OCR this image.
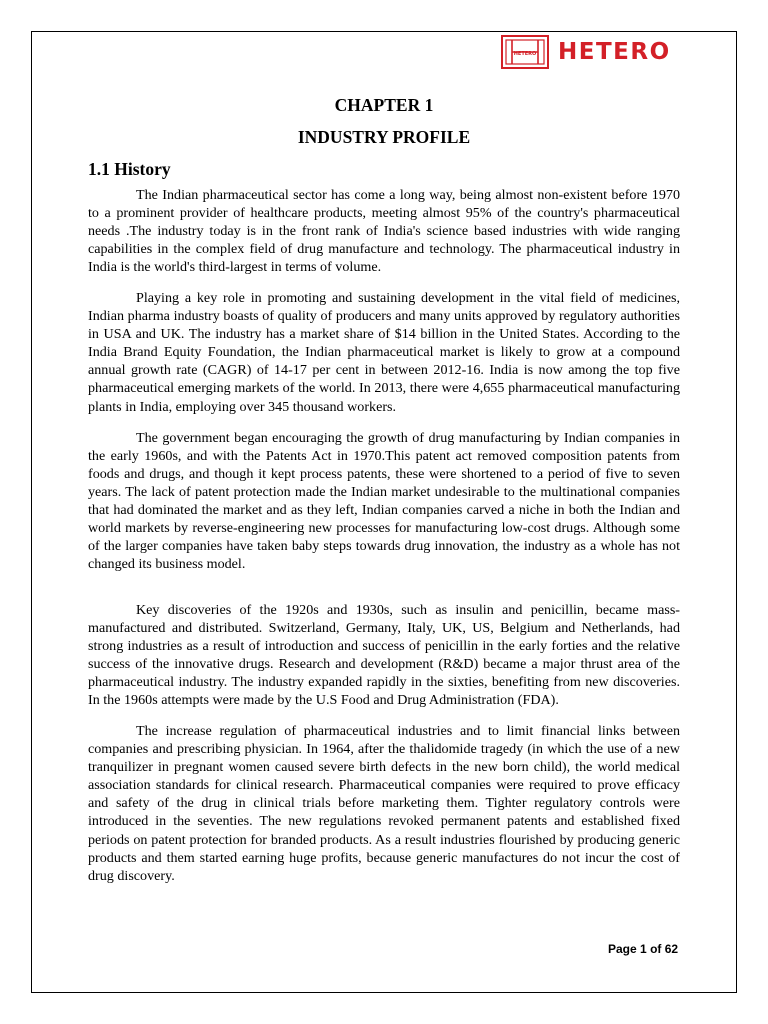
HETERO HETERO
CHAPTER 1
INDUSTRY PROFILE
1.1 History

The Indian pharmaceutical sector has come a long way, being almost non-existent before 1970 to a prominent provider of healthcare products, meeting almost 95% of the country's pharmaceutical needs .The industry today is in the front rank of India's science based industries with wide ranging capabilities in the complex field of drug manufacture and technology. The pharmaceutical industry in India is the world's third-largest in terms of volume.

Playing a key role in promoting and sustaining development in the vital field of medicines, Indian pharma industry boasts of quality of producers and many units approved by regulatory authorities in USA and UK. The industry has a market share of $14 billion in the United States. According to the India Brand Equity Foundation, the Indian pharmaceutical market is likely to grow at a compound annual growth rate (CAGR) of 14-17 per cent in between 2012-16. India is now among the top five pharmaceutical emerging markets of the world. In 2013, there were 4,655 pharmaceutical manufacturing plants in India, employing over 345 thousand workers.

The government began encouraging the growth of drug manufacturing by Indian companies in the early 1960s, and with the Patents Act in 1970.This patent act removed composition patents from foods and drugs, and though it kept process patents, these were shortened to a period of five to seven years. The lack of patent protection made the Indian market undesirable to the multinational companies that had dominated the market and as they left, Indian companies carved a niche in both the Indian and world markets by reverse-engineering new processes for manufacturing low-cost drugs. Although some of the larger companies have taken baby steps towards drug innovation, the industry as a whole has not changed its business model.

Key discoveries of the 1920s and 1930s, such as insulin and penicillin, became mass-manufactured and distributed. Switzerland, Germany, Italy, UK, US, Belgium and Netherlands, had strong industries as a result of introduction and success of penicillin in the early forties and the relative success of the innovative drugs. Research and development (R&D) became a major thrust area of the pharmaceutical industry. The industry expanded rapidly in the sixties, benefiting from new discoveries. In the 1960s attempts were made by the U.S Food and Drug Administration (FDA).

The increase regulation of pharmaceutical industries and to limit financial links between companies and prescribing physician. In 1964, after the thalidomide tragedy (in which the use of a new tranquilizer in pregnant women caused severe birth defects in the new born child), the world medical association standards for clinical research. Pharmaceutical companies were required to prove efficacy and safety of the drug in clinical trials before marketing them. Tighter regulatory controls were introduced in the seventies. The new regulations revoked permanent patents and established fixed periods on patent protection for branded products. As a result industries flourished by producing generic products and them started earning huge profits, because generic manufactures do not incur the cost of drug discovery.

Page 1 of 62
